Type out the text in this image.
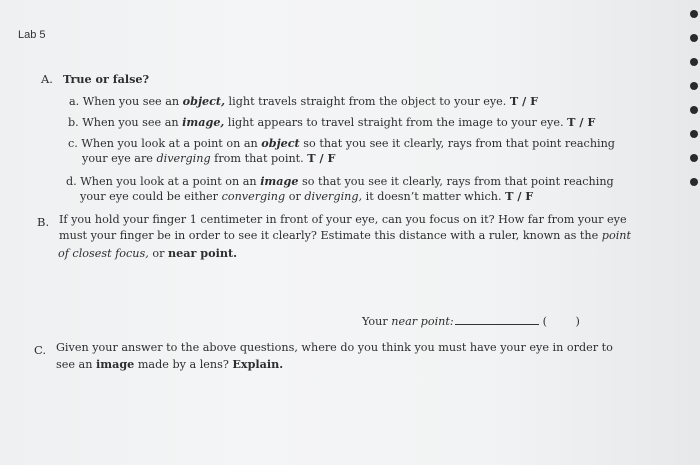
Lab 5
A. True or false?
a. When you see an object, light travels straight from the object to your eye. T / F
b. When you see an image, light appears to travel straight from the image to your eye. T / F
c. When you look at a point on an object so that you see it clearly, rays from that point reaching
your eye are diverging from that point. T / F
d. When you look at a point on an image so that you see it clearly, rays from that point reaching
your eye could be either converging or diverging, it doesn’t matter which. T / F
B. If you hold your finger 1 centimeter in front of your eye, can you focus on it? How far from your eye
must your finger be in order to see it clearly? Estimate this distance with a ruler, known as the point
of closest focus, or near point.
Your near point:	(        )
C. Given your answer to the above questions, where do you think you must have your eye in order to
see an image made by a lens? Explain.
